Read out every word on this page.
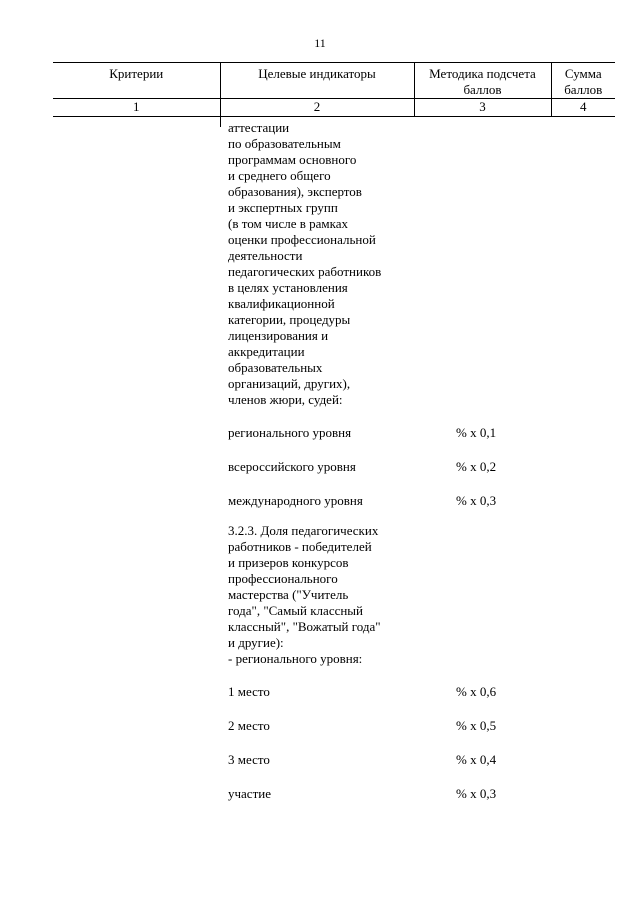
11
Критерии	Целевые индикаторы	Методика подсчета баллов	Сумма баллов
1	2	3	4
аттестации
по образовательным
программам основного
и среднего общего
образования), экспертов
и экспертных групп
(в том числе в рамках
оценки профессиональной
деятельности
педагогических работников
в целях установления
квалификационной
категории, процедуры
лицензирования и
аккредитации
образовательных
организаций, других),
членов жюри, судей:
регионального уровня	% х 0,1
всероссийского уровня	% х 0,2
международного уровня	% х 0,3
3.2.3. Доля педагогических
работников - победителей
и призеров конкурсов
профессионального
мастерства ("Учитель
года", "Самый классный
классный", "Вожатый года"
и другие):
- регионального уровня:
1 место	% х 0,6
2 место	% х 0,5
3 место	% х 0,4
участие	% х 0,3
